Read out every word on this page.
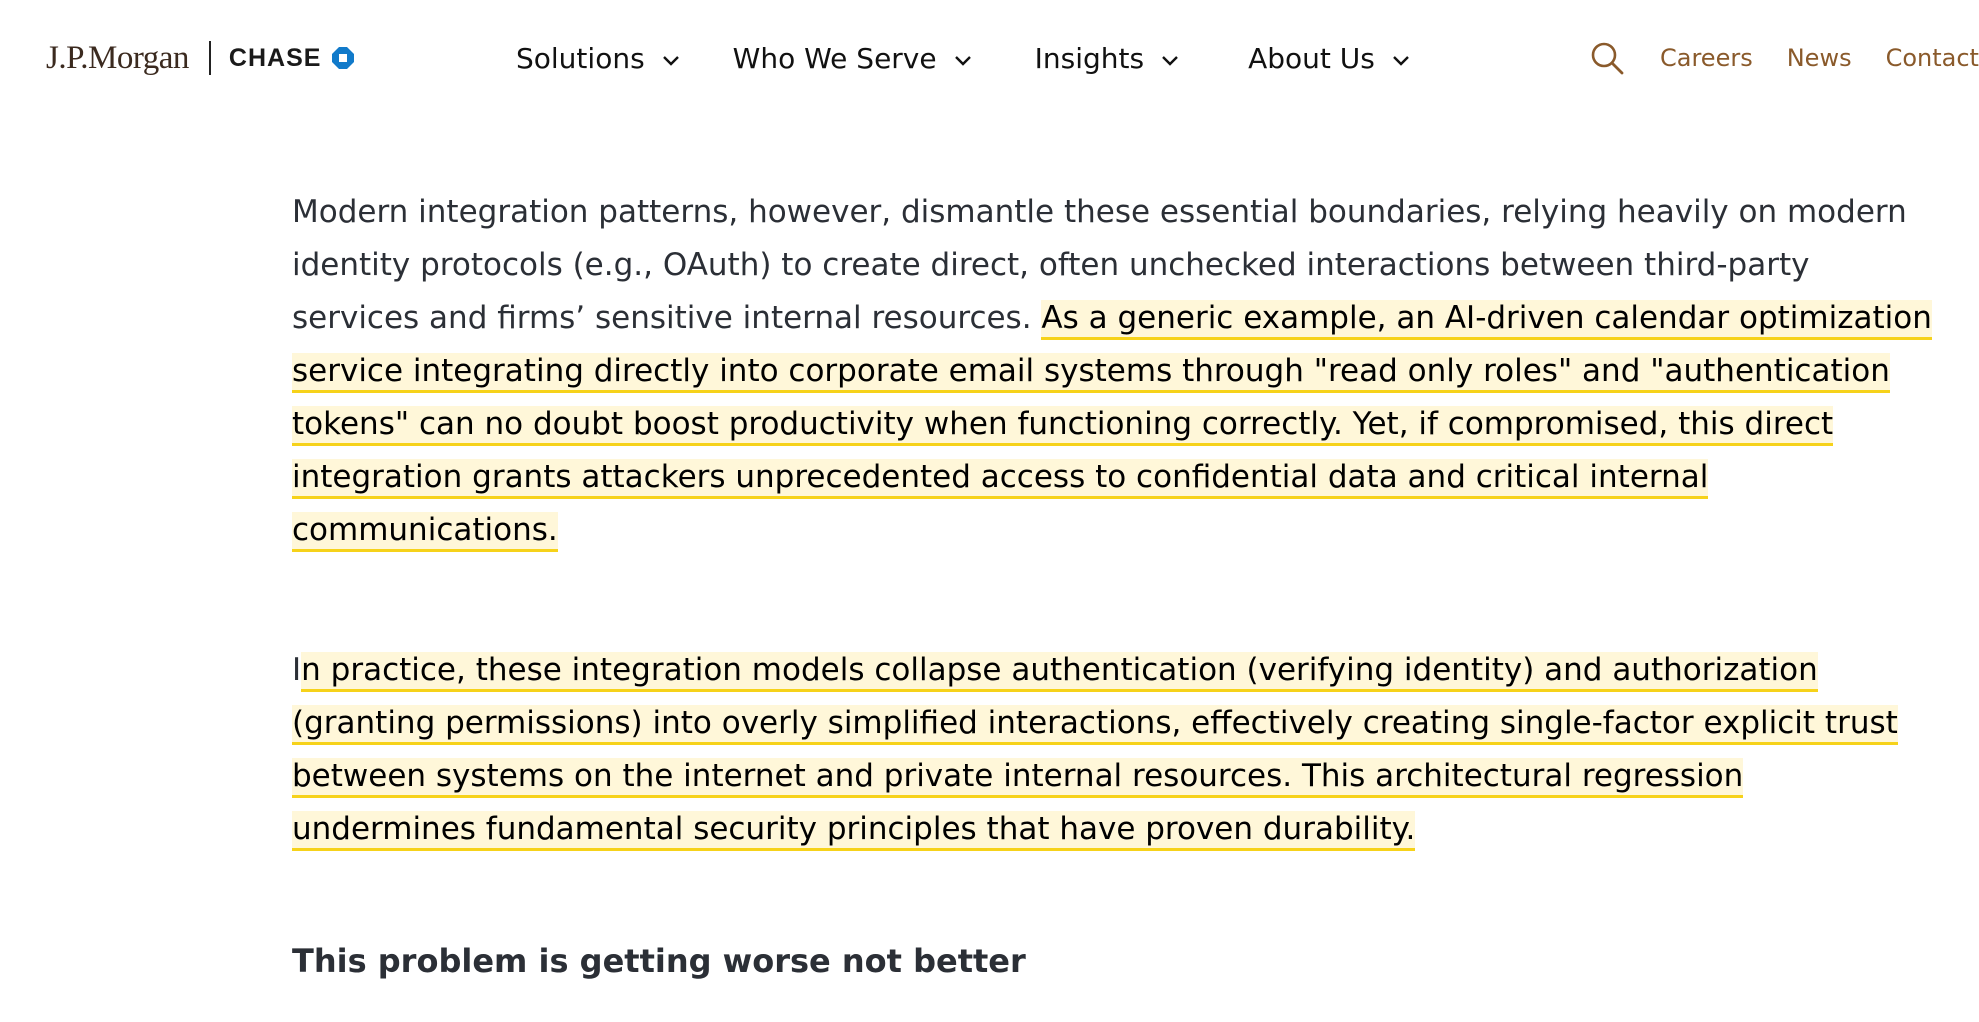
J.P.Morgan CHASE	Solutions	Who We Serve	Insights	About Us	Careers News Contact

Modern integration patterns, however, dismantle these essential boundaries, relying heavily on modern identity protocols (e.g., OAuth) to create direct, often unchecked interactions between third-party services and firms’ sensitive internal resources. As a generic example, an AI-driven calendar optimization service integrating directly into corporate email systems through "read only roles" and "authentication tokens" can no doubt boost productivity when functioning correctly. Yet, if compromised, this direct integration grants attackers unprecedented access to confidential data and critical internal communications.

In practice, these integration models collapse authentication (verifying identity) and authorization (granting permissions) into overly simplified interactions, effectively creating single-factor explicit trust between systems on the internet and private internal resources. This architectural regression undermines fundamental security principles that have proven durability.

This problem is getting worse not better
